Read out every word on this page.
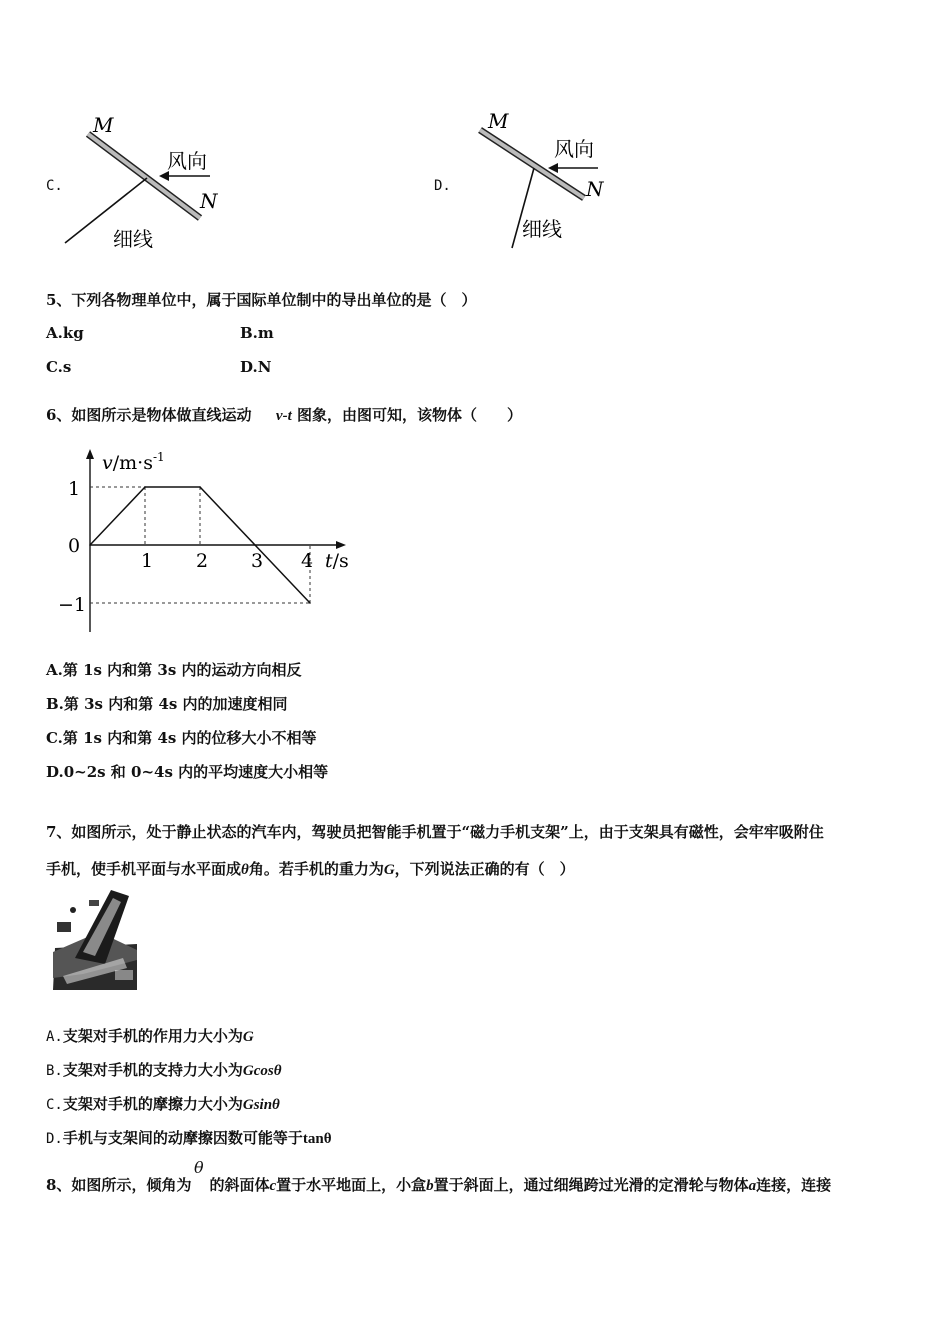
C.
M
N
风向
细线
D.
M
N
风向
细线
5、下列各物理单位中，属于国际单位制中的导出单位的是（　）
A.kg	B.m
C.s	D.N
6、如图所示是物体做直线运动 v-t 图象，由图可知，该物体（　　）
1 2 3 4
1
−1
0
$v/m\cdot s^{-1}$
t/s
A.第 1s 内和第 3s 内的运动方向相反
B.第 3s 内和第 4s 内的加速度相同
C.第 1s 内和第 4s 内的位移大小不相等
D.0~2s 和 0~4s 内的平均速度大小相等
7、如图所示，处于静止状态的汽车内，驾驶员把智能手机置于“磁力手机支架”上，由于支架具有磁性，会牢牢吸附住
手机，使手机平面与水平面成θ角。若手机的重力为G，下列说法正确的有（　）
A.支架对手机的作用力大小为G
B.支架对手机的支持力大小为Gcosθ
C.支架对手机的摩擦力大小为Gsinθ
D.手机与支架间的动摩擦因数可能等于tanθ
θ
8、如图所示，倾角为 的斜面体c置于水平地面上，小盒b置于斜面上，通过细绳跨过光滑的定滑轮与物体a连接，连接
